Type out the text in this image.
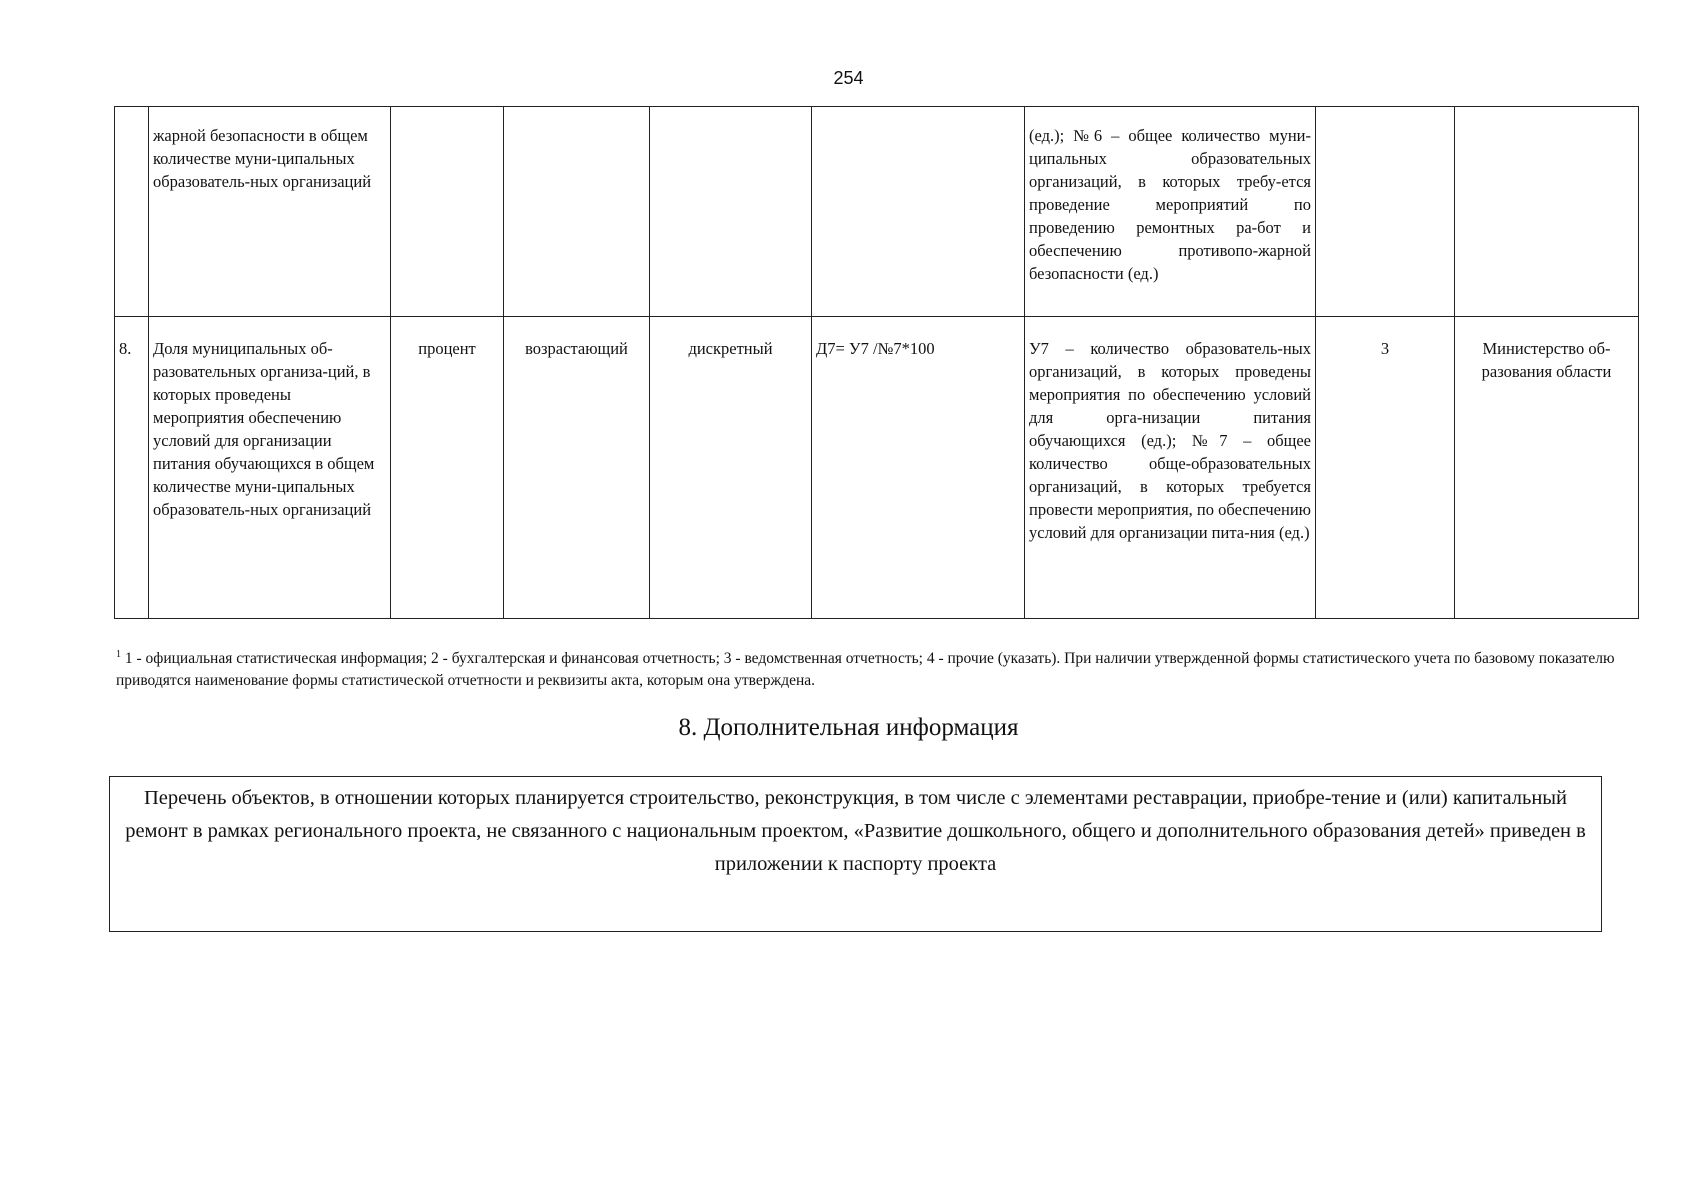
254

	жарной безопасности в общем количестве муни-ципальных образователь-ных организаций					(ед.); №6 – общее количество муни-ципальных образовательных организаций, в которых требу-ется проведение мероприятий по проведению ремонтных ра-бот и обеспечению противопо-жарной безопасности (ед.)		

8.	Доля муниципальных об-разовательных организа-ций, в которых проведены мероприятия обеспечению условий для организации питания обучающихся в общем количестве муни-ципальных образователь-ных организаций	процент	возрастающий	дискретный	Д7= У7 /№7*100	У7 – количество образователь-ных организаций, в которых проведены мероприятия по обеспечению условий для орга-низации питания обучающихся (ед.); №7 – общее количество обще-образовательных организаций, в которых требуется провести мероприятия, по обеспечению условий для организации пита-ния (ед.)	3	Министерство об-разования области
$^1$ 1 - официальная статистическая информация; 2 - бухгалтерская и финансовая отчетность; 3 - ведомственная отчетность; 4 - прочие (указать). При наличии утвержденной формы статистического учета по базовому показателю приводятся наименование формы статистической отчетности и реквизиты акта, которым она утверждена.
8. Дополнительная информация
Перечень объектов, в отношении которых планируется строительство, реконструкция, в том числе с элементами реставрации, приобре-тение и (или) капитальный ремонт в рамках регионального проекта, не связанного с национальным проектом, «Развитие дошкольного, общего и дополнительного образования детей» приведен в приложении к паспорту проекта
